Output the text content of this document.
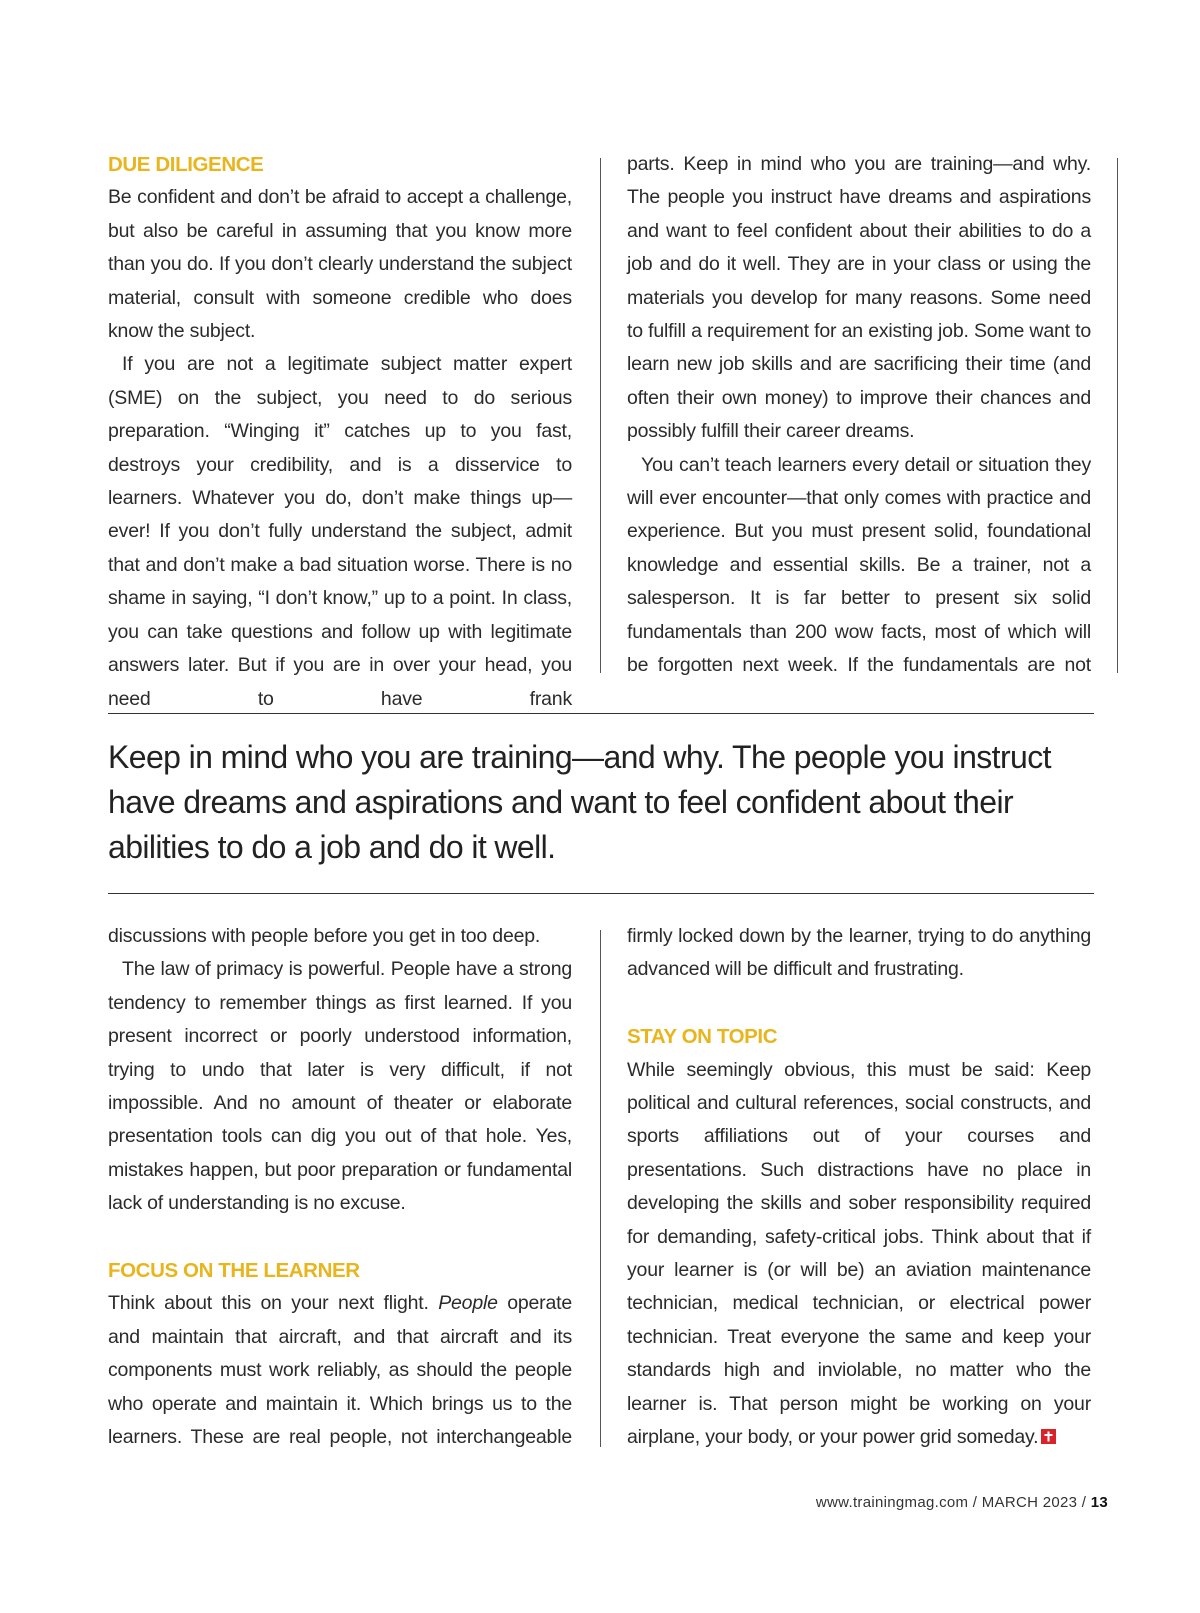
DUE DILIGENCE

Be confident and don’t be afraid to accept a challenge, but also be careful in assuming that you know more than you do. If you don’t clearly understand the subject material, consult with someone credible who does know the subject.

If you are not a legitimate subject matter expert (SME) on the subject, you need to do serious preparation. “Winging it” catches up to you fast, destroys your credibility, and is a disservice to learners. Whatever you do, don’t make things up—ever! If you don’t fully understand the subject, admit that and don’t make a bad situation worse. There is no shame in saying, “I don’t know,” up to a point. In class, you can take questions and follow up with legitimate answers later. But if you are in over your head, you need to have frank

parts. Keep in mind who you are training—and why. The people you instruct have dreams and aspirations and want to feel confident about their abilities to do a job and do it well. They are in your class or using the materials you develop for many reasons. Some need to fulfill a requirement for an existing job. Some want to learn new job skills and are sacrificing their time (and often their own money) to improve their chances and possibly fulfill their career dreams.

You can’t teach learners every detail or situation they will ever encounter—that only comes with practice and experience. But you must present solid, foundational knowledge and essential skills. Be a trainer, not a salesperson. It is far better to present six solid fundamentals than 200 wow facts, most of which will be forgotten next week. If the fundamentals are not

Keep in mind who you are training—and why. The people you instruct have dreams and aspirations and want to feel confident about their abilities to do a job and do it well.

discussions with people before you get in too deep.

The law of primacy is powerful. People have a strong tendency to remember things as first learned. If you present incorrect or poorly understood information, trying to undo that later is very difficult, if not impossible. And no amount of theater or elaborate presentation tools can dig you out of that hole. Yes, mistakes happen, but poor preparation or fundamental lack of understanding is no excuse.

FOCUS ON THE LEARNER

Think about this on your next flight. People operate and maintain that aircraft, and that aircraft and its components must work reliably, as should the people who operate and maintain it. Which brings us to the learners. These are real people, not interchangeable

firmly locked down by the learner, trying to do anything advanced will be difficult and frustrating.

STAY ON TOPIC

While seemingly obvious, this must be said: Keep political and cultural references, social constructs, and sports affiliations out of your courses and presentations. Such distractions have no place in developing the skills and sober responsibility required for demanding, safety-critical jobs. Think about that if your learner is (or will be) an aviation maintenance technician, medical technician, or electrical power technician. Treat everyone the same and keep your standards high and inviolable, no matter who the learner is. That person might be working on your airplane, your body, or your power grid someday.

www.trainingmag.com / MARCH 2023 / 13
